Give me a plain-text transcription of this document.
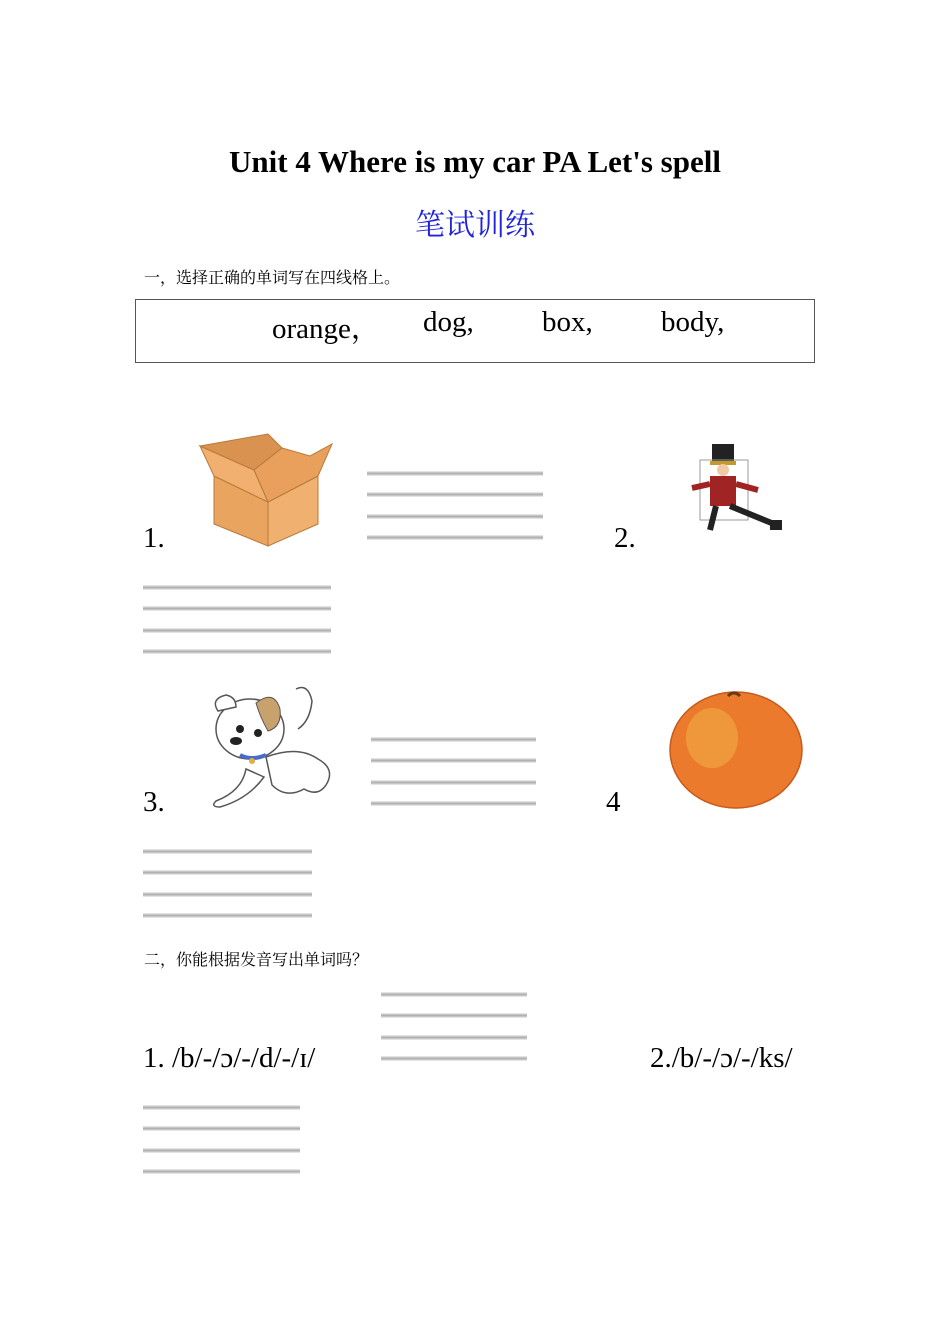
Unit 4 Where is my car PA Let's spell
笔试训练
一，选择正确的单词写在四线格上。
orange， dog, box, body,
1.	2.
3.	4
二，你能根据发音写出单词吗？
1. /b/-/ɔ/-/d/-/ɪ/	2./b/-/ɔ/-/ks/
